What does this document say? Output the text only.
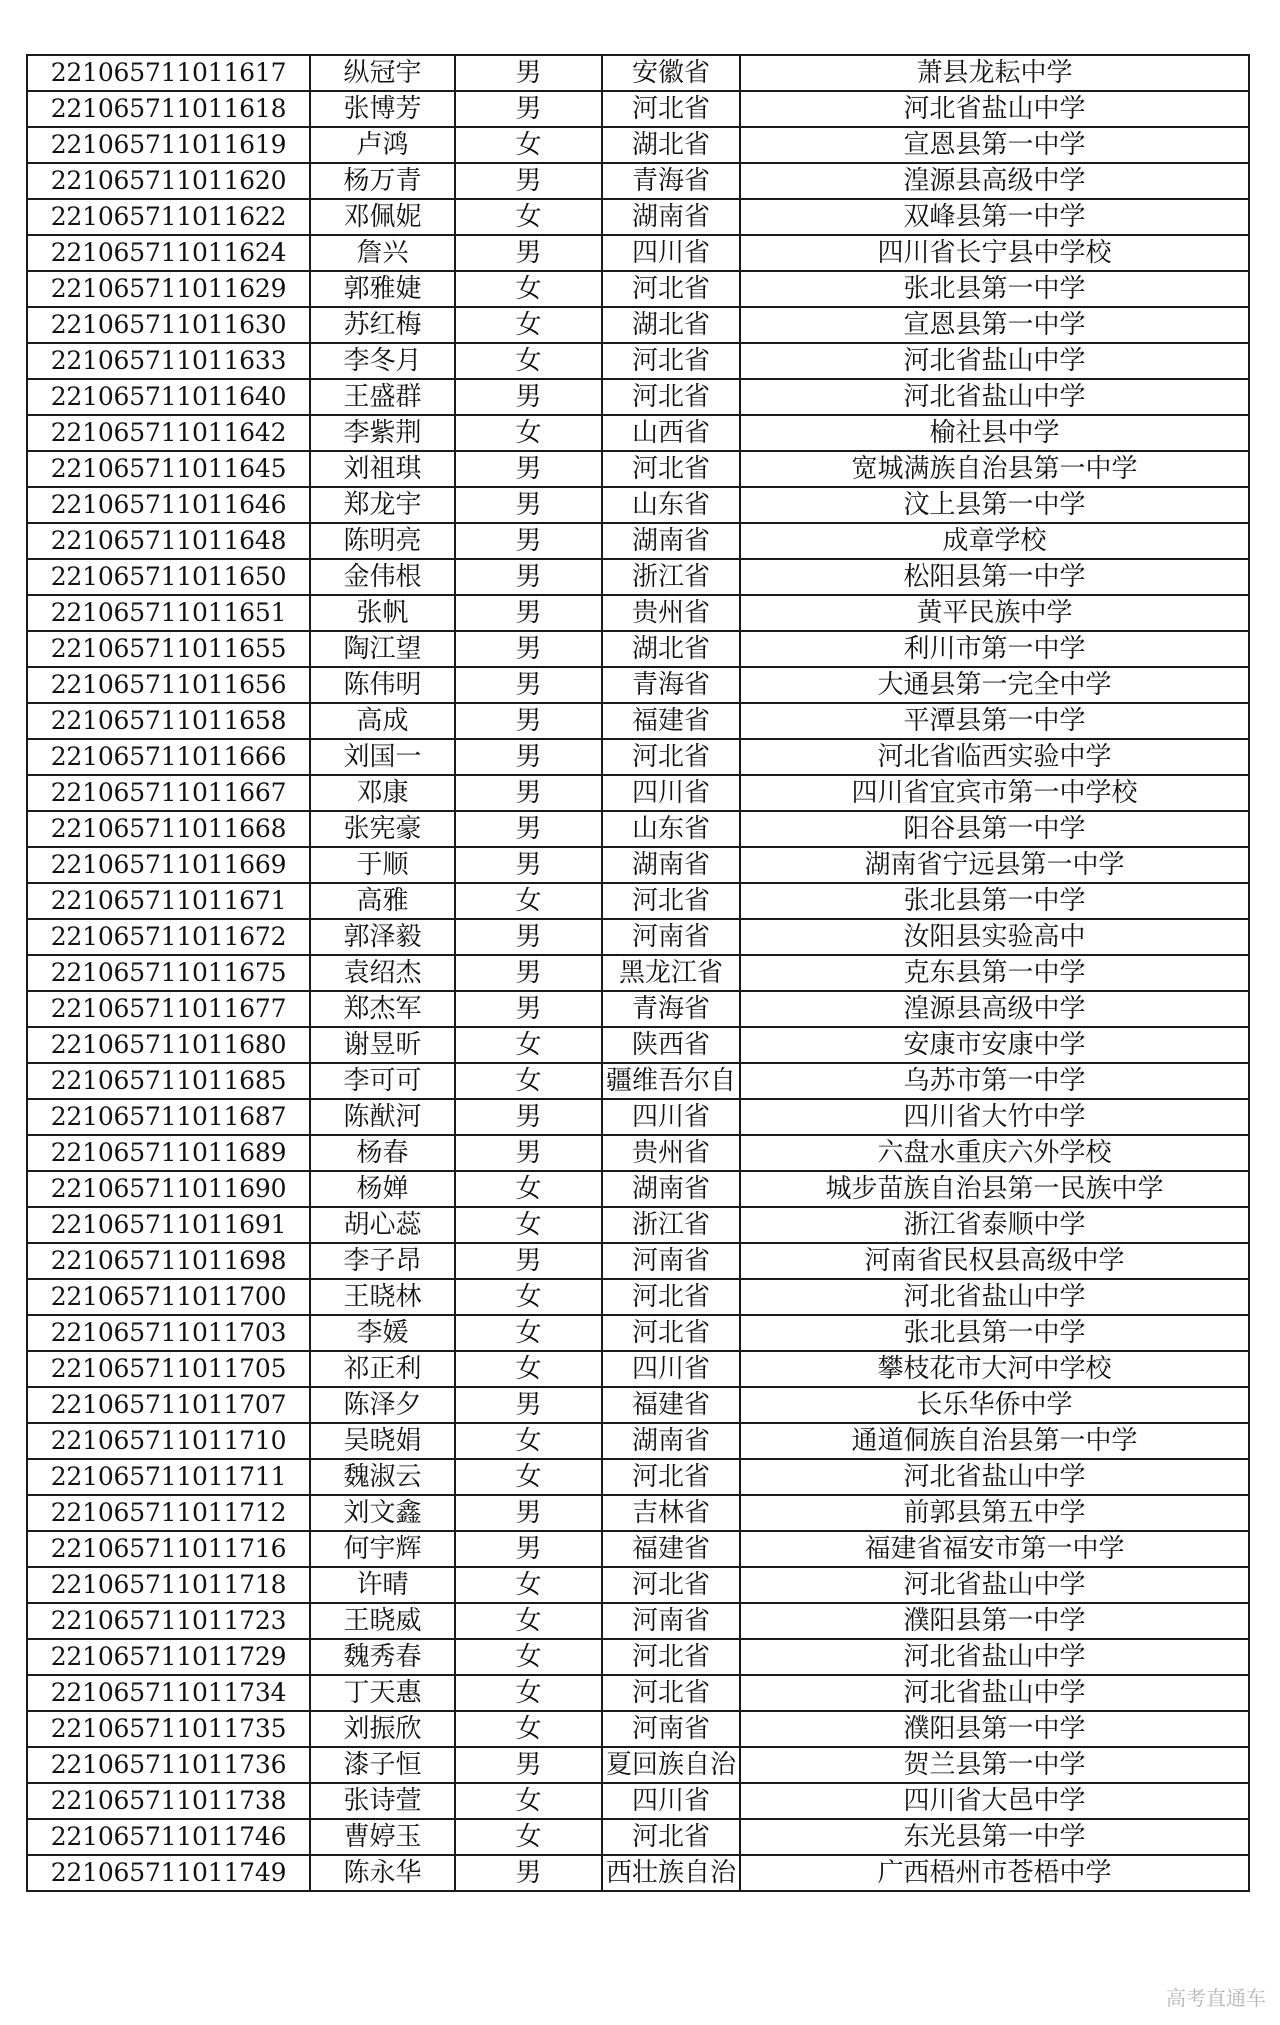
221065711011617	纵冠宇	男	安徽省	萧县龙耘中学
221065711011618	张博芳	男	河北省	河北省盐山中学
221065711011619	卢鸿	女	湖北省	宣恩县第一中学
221065711011620	杨万青	男	青海省	湟源县高级中学
221065711011622	邓佩妮	女	湖南省	双峰县第一中学
221065711011624	詹兴	男	四川省	四川省长宁县中学校
221065711011629	郭雅婕	女	河北省	张北县第一中学
221065711011630	苏红梅	女	湖北省	宣恩县第一中学
221065711011633	李冬月	女	河北省	河北省盐山中学
221065711011640	王盛群	男	河北省	河北省盐山中学
221065711011642	李紫荆	女	山西省	榆社县中学
221065711011645	刘祖琪	男	河北省	宽城满族自治县第一中学
221065711011646	郑龙宇	男	山东省	汶上县第一中学
221065711011648	陈明亮	男	湖南省	成章学校
221065711011650	金伟根	男	浙江省	松阳县第一中学
221065711011651	张帆	男	贵州省	黄平民族中学
221065711011655	陶江望	男	湖北省	利川市第一中学
221065711011656	陈伟明	男	青海省	大通县第一完全中学
221065711011658	高成	男	福建省	平潭县第一中学
221065711011666	刘国一	男	河北省	河北省临西实验中学
221065711011667	邓康	男	四川省	四川省宜宾市第一中学校
221065711011668	张宪豪	男	山东省	阳谷县第一中学
221065711011669	于顺	男	湖南省	湖南省宁远县第一中学
221065711011671	高雅	女	河北省	张北县第一中学
221065711011672	郭泽毅	男	河南省	汝阳县实验高中
221065711011675	袁绍杰	男	黑龙江省	克东县第一中学
221065711011677	郑杰军	男	青海省	湟源县高级中学
221065711011680	谢昱昕	女	陕西省	安康市安康中学
221065711011685	李可可	女	疆维吾尔自	乌苏市第一中学
221065711011687	陈猷河	男	四川省	四川省大竹中学
221065711011689	杨春	男	贵州省	六盘水重庆六外学校
221065711011690	杨婵	女	湖南省	城步苗族自治县第一民族中学
221065711011691	胡心蕊	女	浙江省	浙江省泰顺中学
221065711011698	李子昂	男	河南省	河南省民权县高级中学
221065711011700	王晓林	女	河北省	河北省盐山中学
221065711011703	李媛	女	河北省	张北县第一中学
221065711011705	祁正利	女	四川省	攀枝花市大河中学校
221065711011707	陈泽夕	男	福建省	长乐华侨中学
221065711011710	吴晓娟	女	湖南省	通道侗族自治县第一中学
221065711011711	魏淑云	女	河北省	河北省盐山中学
221065711011712	刘文鑫	男	吉林省	前郭县第五中学
221065711011716	何宇辉	男	福建省	福建省福安市第一中学
221065711011718	许晴	女	河北省	河北省盐山中学
221065711011723	王晓威	女	河南省	濮阳县第一中学
221065711011729	魏秀春	女	河北省	河北省盐山中学
221065711011734	丁天惠	女	河北省	河北省盐山中学
221065711011735	刘振欣	女	河南省	濮阳县第一中学
221065711011736	漆子恒	男	夏回族自治	贺兰县第一中学
221065711011738	张诗萱	女	四川省	四川省大邑中学
221065711011746	曹婷玉	女	河北省	东光县第一中学
221065711011749	陈永华	男	西壮族自治	广西梧州市苍梧中学
高考直通车
